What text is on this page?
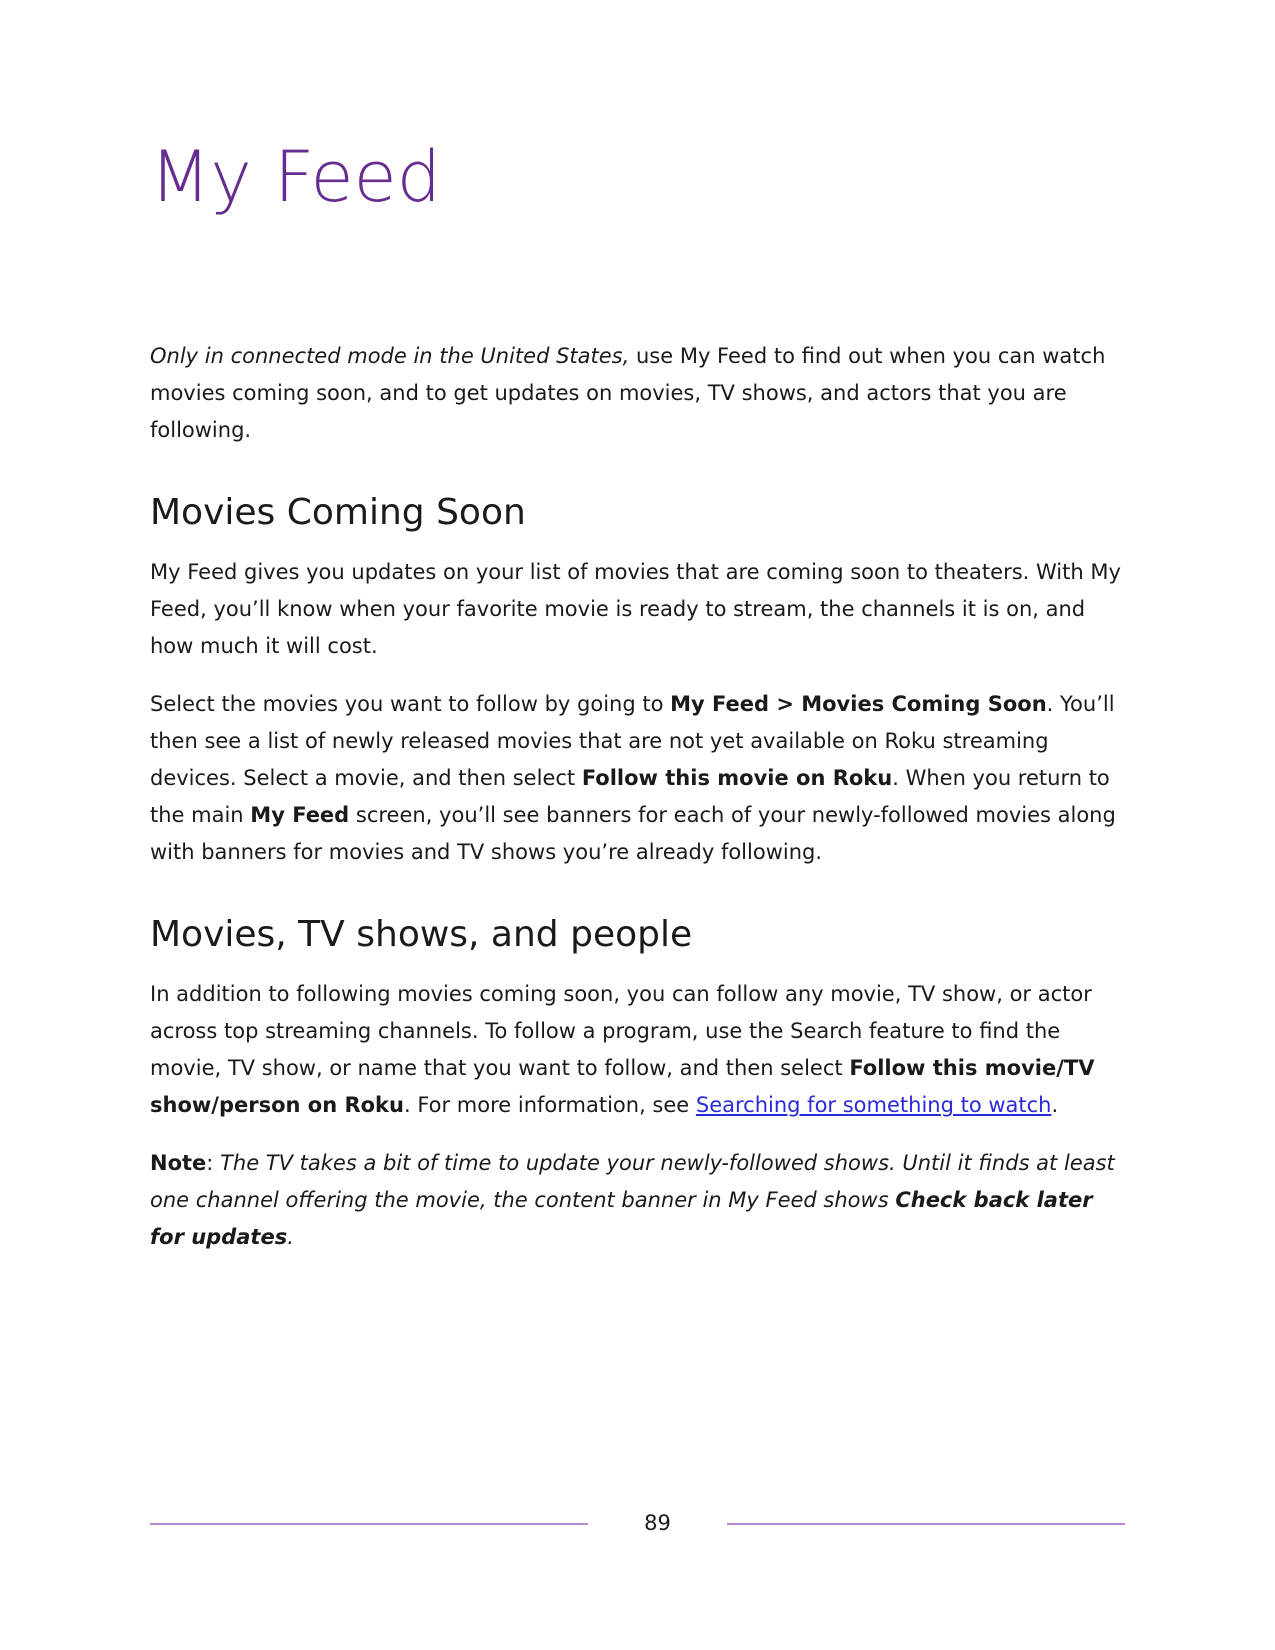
My Feed

Only in connected mode in the United States, use My Feed to find out when you can watch movies coming soon, and to get updates on movies, TV shows, and actors that you are following.

Movies Coming Soon

My Feed gives you updates on your list of movies that are coming soon to theaters. With My Feed, you’ll know when your favorite movie is ready to stream, the channels it is on, and how much it will cost.

Select the movies you want to follow by going to My Feed > Movies Coming Soon. You’ll then see a list of newly released movies that are not yet available on Roku streaming devices. Select a movie, and then select Follow this movie on Roku. When you return to the main My Feed screen, you’ll see banners for each of your newly-followed movies along with banners for movies and TV shows you’re already following.

Movies, TV shows, and people

In addition to following movies coming soon, you can follow any movie, TV show, or actor across top streaming channels. To follow a program, use the Search feature to find the movie, TV show, or name that you want to follow, and then select Follow this movie/TV show/person on Roku. For more information, see Searching for something to watch.

Note: The TV takes a bit of time to update your newly-followed shows. Until it finds at least one channel offering the movie, the content banner in My Feed shows Check back later for updates.

89
